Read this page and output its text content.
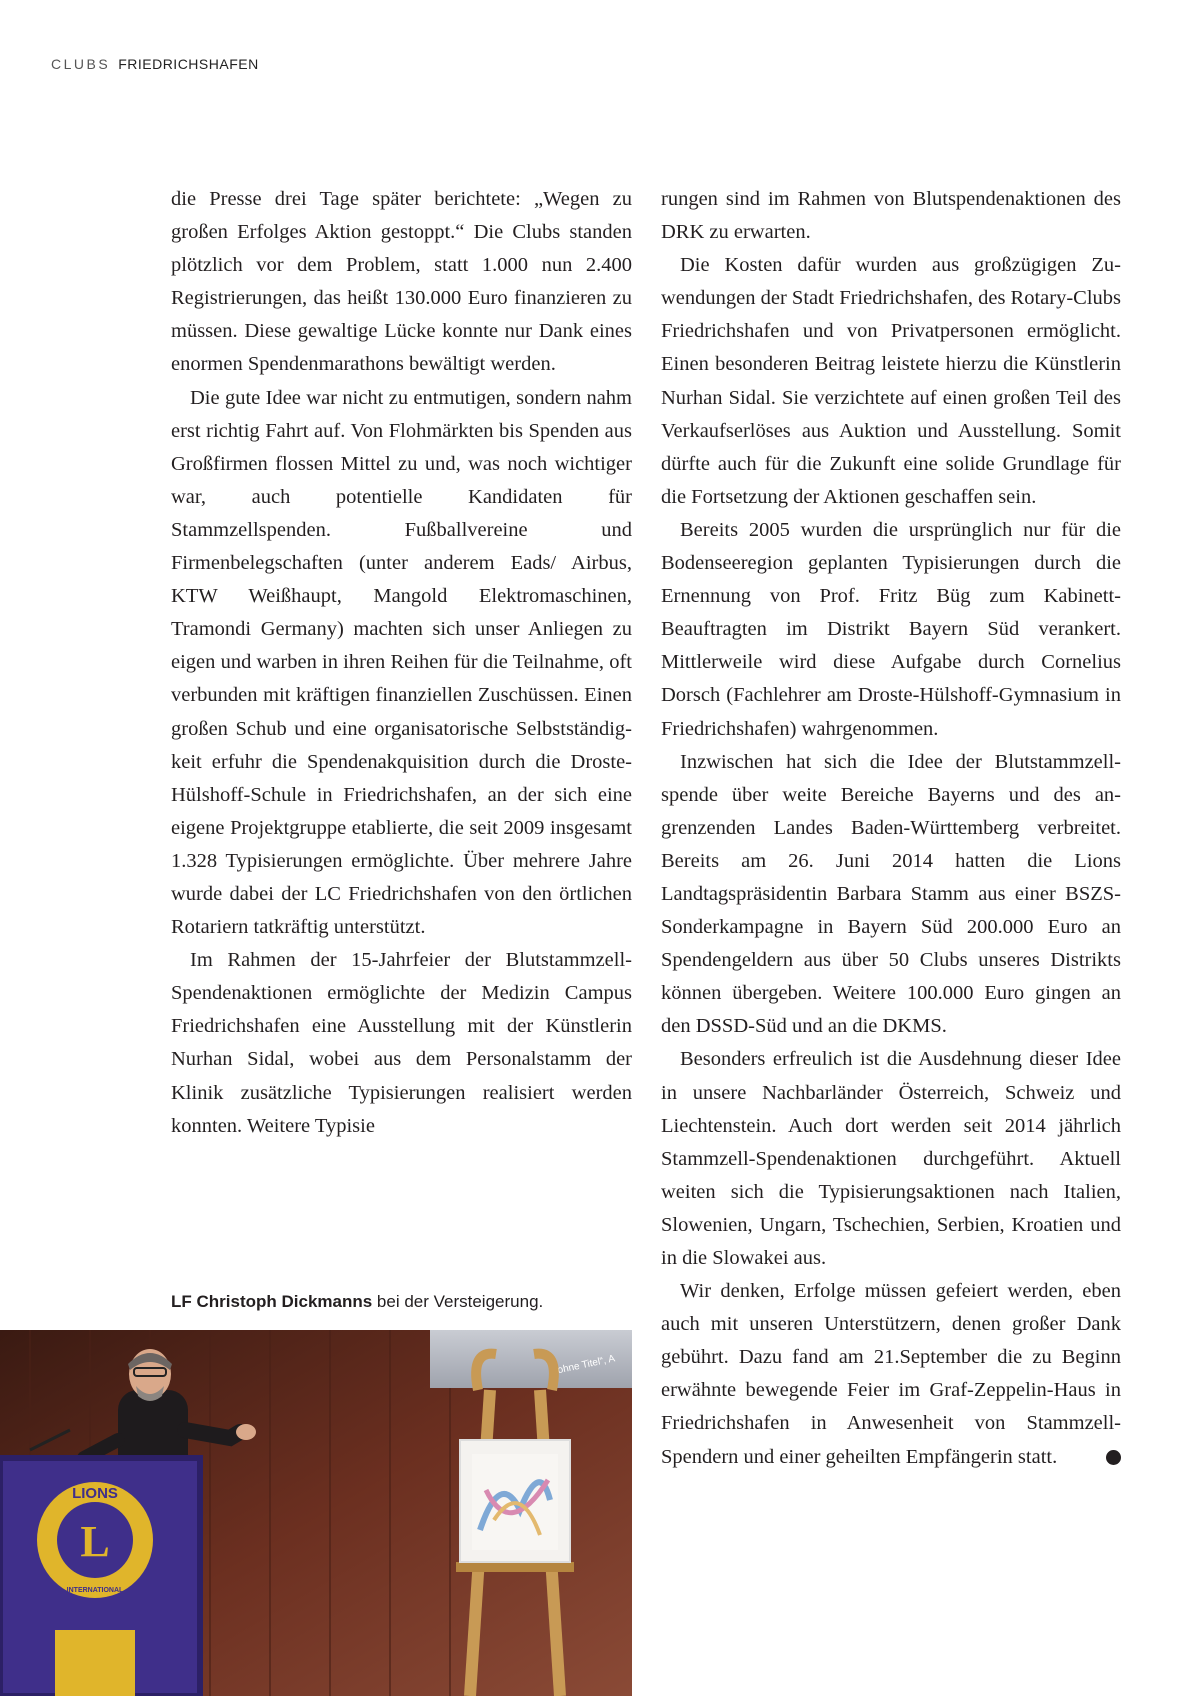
CLUBS FRIEDRICHSHAFEN

die Presse drei Tage später berichtete: „Wegen zu großen Erfolges Aktion gestoppt.“ Die Clubs standen plötzlich vor dem Problem, statt 1.000 nun 2.400 Registrierungen, das heißt 130.000 Euro finanzieren zu müssen. Diese gewaltige Lücke konnte nur Dank eines enormen Spendenmarathons bewältigt werden.

Die gute Idee war nicht zu entmutigen, sondern nahm erst richtig Fahrt auf. Von Flohmärkten bis Spenden aus Großfirmen flossen Mittel zu und, was noch wichtiger war, auch potentielle Kandidaten für Stammzellspenden. Fußballvereine und Firmenbelegschaften (unter anderem Eads/ Airbus, KTW Weißhaupt, Mangold Elektromaschinen, Tramondi Germany) machten sich unser Anliegen zu eigen und warben in ihren Reihen für die Teilnahme, oft verbunden mit kräftigen finanziellen Zuschüssen. Einen großen Schub und eine organisatorische Selbstständigkeit erfuhr die Spendenakquisition durch die Droste-Hülshoff-Schule in Friedrichshafen, an der sich eine eigene Projektgruppe etablierte, die seit 2009 insgesamt 1.328 Typisierungen ermöglichte. Über mehrere Jahre wurde dabei der LC Friedrichshafen von den örtlichen Rotariern tatkräftig unterstützt.

Im Rahmen der 15-Jahrfeier der Blutstammzell-Spendenaktionen ermöglichte der Medizin Campus Friedrichshafen eine Ausstellung mit der Künstlerin Nurhan Sidal, wobei aus dem Personalstamm der Klinik zusätzliche Typisierungen realisiert werden konnten. Weitere Typisie

rungen sind im Rahmen von Blutspendenaktionen des DRK zu erwarten.

Die Kosten dafür wurden aus großzügigen Zuwendungen der Stadt Friedrichshafen, des Rotary-Clubs Friedrichshafen und von Privatpersonen ermöglicht. Einen besonderen Beitrag leistete hierzu die Künstlerin Nurhan Sidal. Sie verzichtete auf einen großen Teil des Verkaufserlöses aus Auktion und Ausstellung. Somit dürfte auch für die Zukunft eine solide Grundlage für die Fortsetzung der Aktionen geschaffen sein.

Bereits 2005 wurden die ursprünglich nur für die Bodenseeregion geplanten Typisierungen durch die Ernennung von Prof. Fritz Büg zum Kabinett-Beauftragten im Distrikt Bayern Süd verankert. Mittlerweile wird diese Aufgabe durch Cornelius Dorsch (Fachlehrer am Droste-Hülshoff-Gymnasium in Friedrichshafen) wahrgenommen.

Inzwischen hat sich die Idee der Blutstammzellspende über weite Bereiche Bayerns und des angrenzenden Landes Baden-Württemberg verbreitet. Bereits am 26. Juni 2014 hatten die Lions Landtagspräsidentin Barbara Stamm aus einer BSZS-Sonderkampagne in Bayern Süd 200.000 Euro an Spendengeldern aus über 50 Clubs unseres Distrikts können übergeben. Weitere 100.000 Euro gingen an den DSSD-Süd und an die DKMS.

Besonders erfreulich ist die Ausdehnung dieser Idee in unsere Nachbarländer Österreich, Schweiz und Liechtenstein. Auch dort werden seit 2014 jährlich Stammzell-Spendenaktionen durchgeführt. Aktuell weiten sich die Typisierungsaktionen nach Italien, Slowenien, Ungarn, Tschechien, Serbien, Kroatien und in die Slowakei aus.

Wir denken, Erfolge müssen gefeiert werden, eben auch mit unseren Unterstützern, denen großer Dank gebührt. Dazu fand am 21.September die zu Beginn erwähnte bewegende Feier im Graf-Zeppelin-Haus in Friedrichshafen in Anwesenheit von Stammzell-Spendern und einer geheilten Empfängerin statt.	L

LF Christoph Dickmanns bei der Versteigerung.
„ohne Titel“, A
L
LIONS
INTERNATIONAL
